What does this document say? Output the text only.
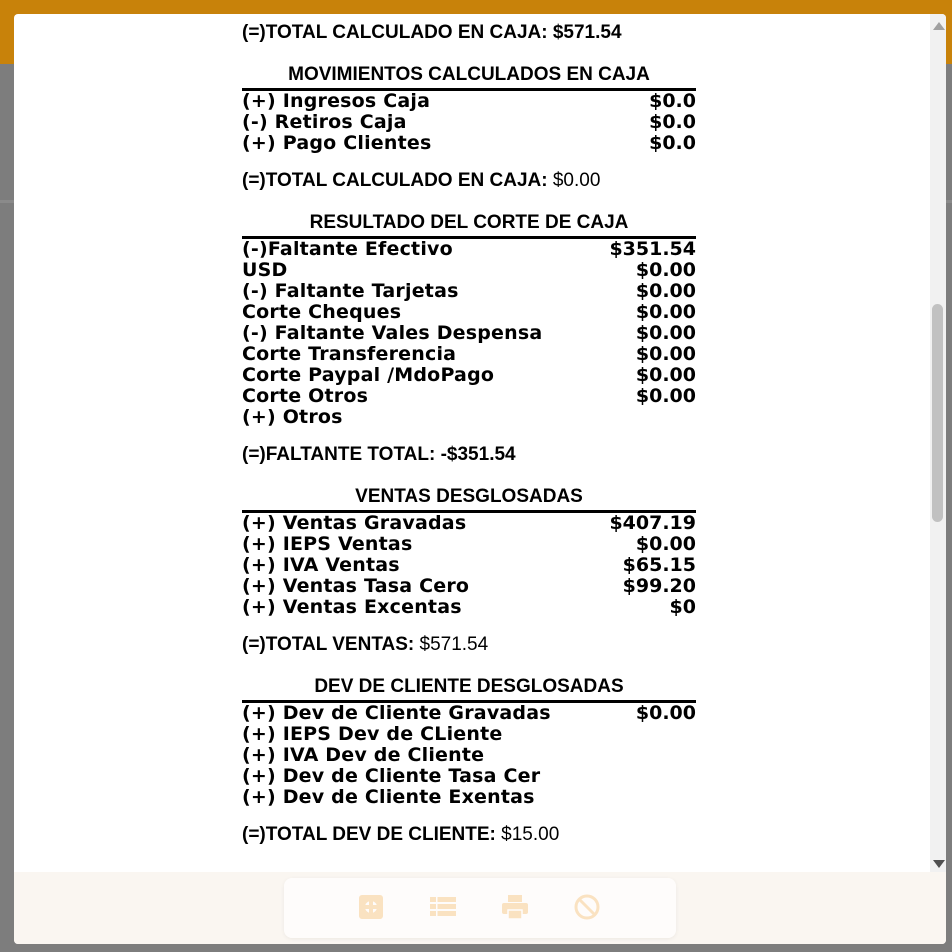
(=)TOTAL CALCULADO EN CAJA: $571.54
MOVIMIENTOS CALCULADOS EN CAJA
(+) Ingresos Caja	$0.0
(-) Retiros Caja	$0.0
(+) Pago Clientes	$0.0
(=)TOTAL CALCULADO EN CAJA: $0.00
RESULTADO DEL CORTE DE CAJA
(-)Faltante Efectivo	$351.54
USD	$0.00
(-) Faltante Tarjetas	$0.00
Corte Cheques	$0.00
(-) Faltante Vales Despensa	$0.00
Corte Transferencia	$0.00
Corte Paypal /MdoPago	$0.00
Corte Otros	$0.00
(+) Otros
(=)FALTANTE TOTAL: -$351.54
VENTAS DESGLOSADAS
(+) Ventas Gravadas	$407.19
(+) IEPS Ventas	$0.00
(+) IVA Ventas	$65.15
(+) Ventas Tasa Cero	$99.20
(+) Ventas Excentas	$0
(=)TOTAL VENTAS: $571.54
DEV DE CLIENTE DESGLOSADAS
(+) Dev de Cliente Gravadas	$0.00
(+) IEPS Dev de CLiente
(+) IVA Dev de Cliente
(+) Dev de Cliente Tasa Cer
(+) Dev de Cliente Exentas
(=)TOTAL DEV DE CLIENTE: $15.00
